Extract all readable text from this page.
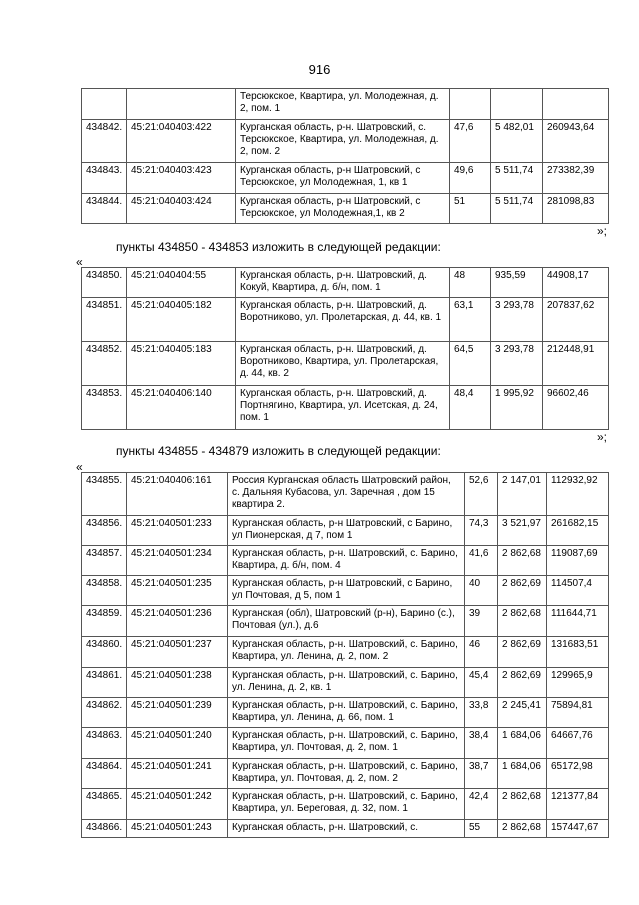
916
		Терсюкское, Квартира, ул. Молодежная, д. 2, пом. 1			
434842.	45:21:040403:422	Курганская область, р-н. Шатровский, с. Терсюкское, Квартира, ул. Молодежная, д. 2, пом. 2	47,6	5 482,01	260943,64
434843.	45:21:040403:423	Курганская область, р-н Шатровский, с Терсюкское, ул Молодежная, 1, кв 1	49,6	5 511,74	273382,39
434844.	45:21:040403:424	Курганская область, р-н Шатровский, с Терсюкское, ул Молодежная,1, кв 2	51	5 511,74	281098,83
»;
пункты 434850 - 434853 изложить в следующей редакции:
«
434850.	45:21:040404:55	Курганская область, р-н. Шатровский, д. Кокуй, Квартира, д. б/н, пом. 1	48	935,59	44908,17
434851.	45:21:040405:182	Курганская область, р-н. Шатровский, д. Воротниково, ул. Пролетарская, д. 44, кв. 1	63,1	3 293,78	207837,62
434852.	45:21:040405:183	Курганская область, р-н. Шатровский, д. Воротниково, Квартира, ул. Пролетарская, д. 44, кв. 2	64,5	3 293,78	212448,91
434853.	45:21:040406:140	Курганская область, р-н. Шатровский, д. Портнягино, Квартира, ул. Исетская, д. 24, пом. 1	48,4	1 995,92	96602,46
»;
пункты 434855 - 434879 изложить в следующей редакции:
«
434855.	45:21:040406:161	Россия Курганская область Шатровский район, с. Дальняя Кубасова, ул. Заречная , дом 15 квартира 2.	52,6	2 147,01	112932,92
434856.	45:21:040501:233	Курганская область, р-н Шатровский, с Барино, ул Пионерская, д 7, пом 1	74,3	3 521,97	261682,15
434857.	45:21:040501:234	Курганская область, р-н. Шатровский, с. Барино, Квартира, д. б/н, пом. 4	41,6	2 862,68	119087,69
434858.	45:21:040501:235	Курганская область, р-н Шатровский, с Барино, ул Почтовая, д 5, пом 1	40	2 862,69	114507,4
434859.	45:21:040501:236	Курганская (обл), Шатровский (р-н), Барино (с.), Почтовая (ул.), д.6	39	2 862,68	111644,71
434860.	45:21:040501:237	Курганская область, р-н. Шатровский, с. Барино, Квартира, ул. Ленина, д. 2, пом. 2	46	2 862,69	131683,51
434861.	45:21:040501:238	Курганская область, р-н. Шатровский, с. Барино, ул. Ленина, д. 2, кв. 1	45,4	2 862,69	129965,9
434862.	45:21:040501:239	Курганская область, р-н. Шатровский, с. Барино, Квартира, ул. Ленина, д. 66, пом. 1	33,8	2 245,41	75894,81
434863.	45:21:040501:240	Курганская область, р-н. Шатровский, с. Барино, Квартира, ул. Почтовая, д. 2, пом. 1	38,4	1 684,06	64667,76
434864.	45:21:040501:241	Курганская область, р-н. Шатровский, с. Барино, Квартира, ул. Почтовая, д. 2, пом. 2	38,7	1 684,06	65172,98
434865.	45:21:040501:242	Курганская область, р-н. Шатровский, с. Барино, Квартира, ул. Береговая, д. 32, пом. 1	42,4	2 862,68	121377,84
434866.	45:21:040501:243	Курганская область, р-н. Шатровский, с.	55	2 862,68	157447,67
